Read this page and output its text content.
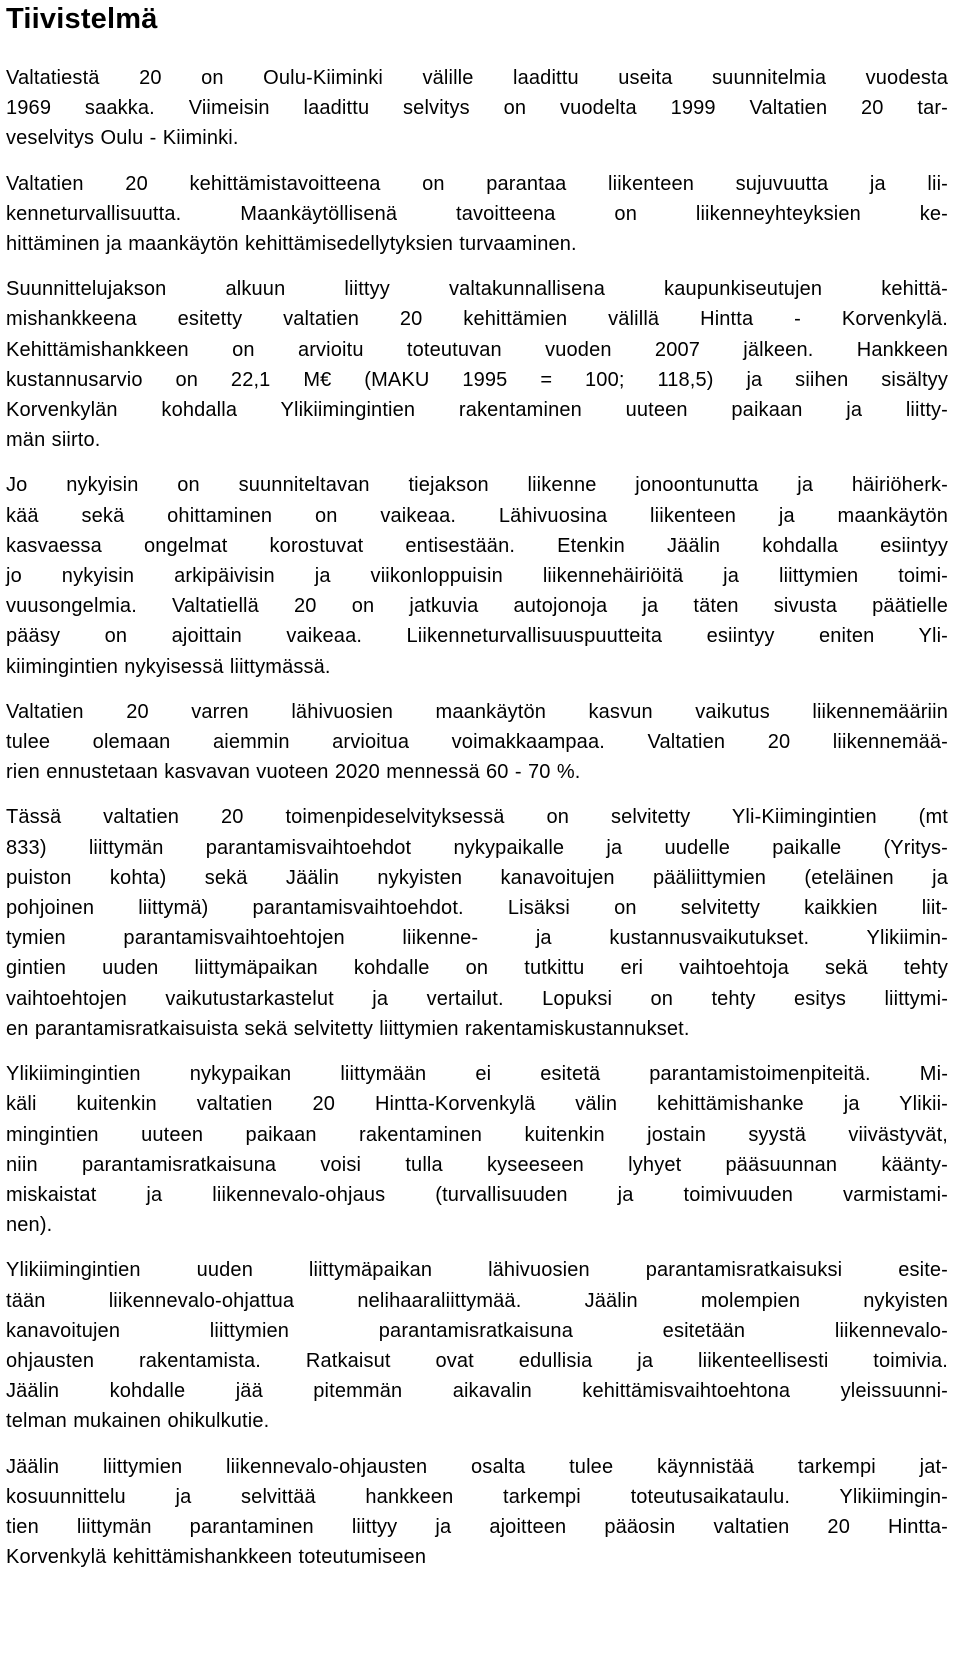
Tiivistelmä

Valtatiestä 20 on Oulu-Kiiminki välille laadittu useita suunnitelmia vuodesta
1969 saakka. Viimeisin laadittu selvitys on vuodelta 1999 Valtatien 20 tar-
veselvitys Oulu - Kiiminki.

Valtatien 20 kehittämistavoitteena on parantaa liikenteen sujuvuutta ja lii-
kenneturvallisuutta. Maankäytöllisenä tavoitteena on liikenneyhteyksien ke-
hittäminen ja maankäytön kehittämisedellytyksien turvaaminen.

Suunnittelujakson alkuun liittyy valtakunnallisena kaupunkiseutujen kehittä-
mishankkeena esitetty valtatien 20 kehittämien välillä Hintta - Korvenkylä.
Kehittämishankkeen on arvioitu toteutuvan vuoden 2007 jälkeen. Hankkeen
kustannusarvio on 22,1 M€ (MAKU 1995 = 100; 118,5) ja siihen sisältyy
Korvenkylän kohdalla Ylikiimingintien rakentaminen uuteen paikaan ja liitty-
män siirto.

Jo nykyisin on suunniteltavan tiejakson liikenne jonoontunutta ja häiriöherk-
kää sekä ohittaminen on vaikeaa. Lähivuosina liikenteen ja maankäytön
kasvaessa ongelmat korostuvat entisestään. Etenkin Jäälin kohdalla esiintyy
jo nykyisin arkipäivisin ja viikonloppuisin liikennehäiriöitä ja liittymien toimi-
vuusongelmia. Valtatiellä 20 on jatkuvia autojonoja ja täten sivusta päätielle
pääsy on ajoittain vaikeaa. Liikenneturvallisuuspuutteita esiintyy eniten Yli-
kiimingintien nykyisessä liittymässä.

Valtatien 20 varren lähivuosien maankäytön kasvun vaikutus liikennemääriin
tulee olemaan aiemmin arvioitua voimakkaampaa. Valtatien 20 liikennemää-
rien ennustetaan kasvavan vuoteen 2020 mennessä 60 - 70 %.

Tässä valtatien 20 toimenpideselvityksessä on selvitetty Yli-Kiimingintien (mt
833) liittymän parantamisvaihtoehdot nykypaikalle ja uudelle paikalle (Yritys-
puiston kohta) sekä Jäälin nykyisten kanavoitujen pääliittymien (eteläinen ja
pohjoinen liittymä) parantamisvaihtoehdot. Lisäksi on selvitetty kaikkien liit-
tymien parantamisvaihtoehtojen liikenne- ja kustannusvaikutukset. Ylikiimin-
gintien uuden liittymäpaikan kohdalle on tutkittu eri vaihtoehtoja sekä tehty
vaihtoehtojen vaikutustarkastelut ja vertailut. Lopuksi on tehty esitys liittymi-
en parantamisratkaisuista sekä selvitetty liittymien rakentamiskustannukset.

Ylikiimingintien nykypaikan liittymään ei esitetä parantamistoimenpiteitä. Mi-
käli kuitenkin valtatien 20 Hintta-Korvenkylä välin kehittämishanke ja Ylikii-
mingintien uuteen paikaan rakentaminen kuitenkin jostain syystä viivästyvät,
niin parantamisratkaisuna voisi tulla kyseeseen lyhyet pääsuunnan käänty-
miskaistat ja liikennevalo-ohjaus (turvallisuuden ja toimivuuden varmistami-
nen).

Ylikiimingintien uuden liittymäpaikan lähivuosien parantamisratkaisuksi esite-
tään liikennevalo-ohjattua nelihaaraliittymää. Jäälin molempien nykyisten
kanavoitujen liittymien parantamisratkaisuna esitetään liikennevalo-
ohjausten rakentamista. Ratkaisut ovat edullisia ja liikenteellisesti toimivia.
Jäälin kohdalle jää pitemmän aikavalin kehittämisvaihtoehtona yleissuunni-
telman mukainen ohikulkutie.

Jäälin liittymien liikennevalo-ohjausten osalta tulee käynnistää tarkempi jat-
kosuunnittelu ja selvittää hankkeen tarkempi toteutusaikataulu. Ylikiimingin-
tien liittymän parantaminen liittyy ja ajoitteen pääosin valtatien 20 Hintta-
Korvenkylä kehittämishankkeen toteutumiseen
